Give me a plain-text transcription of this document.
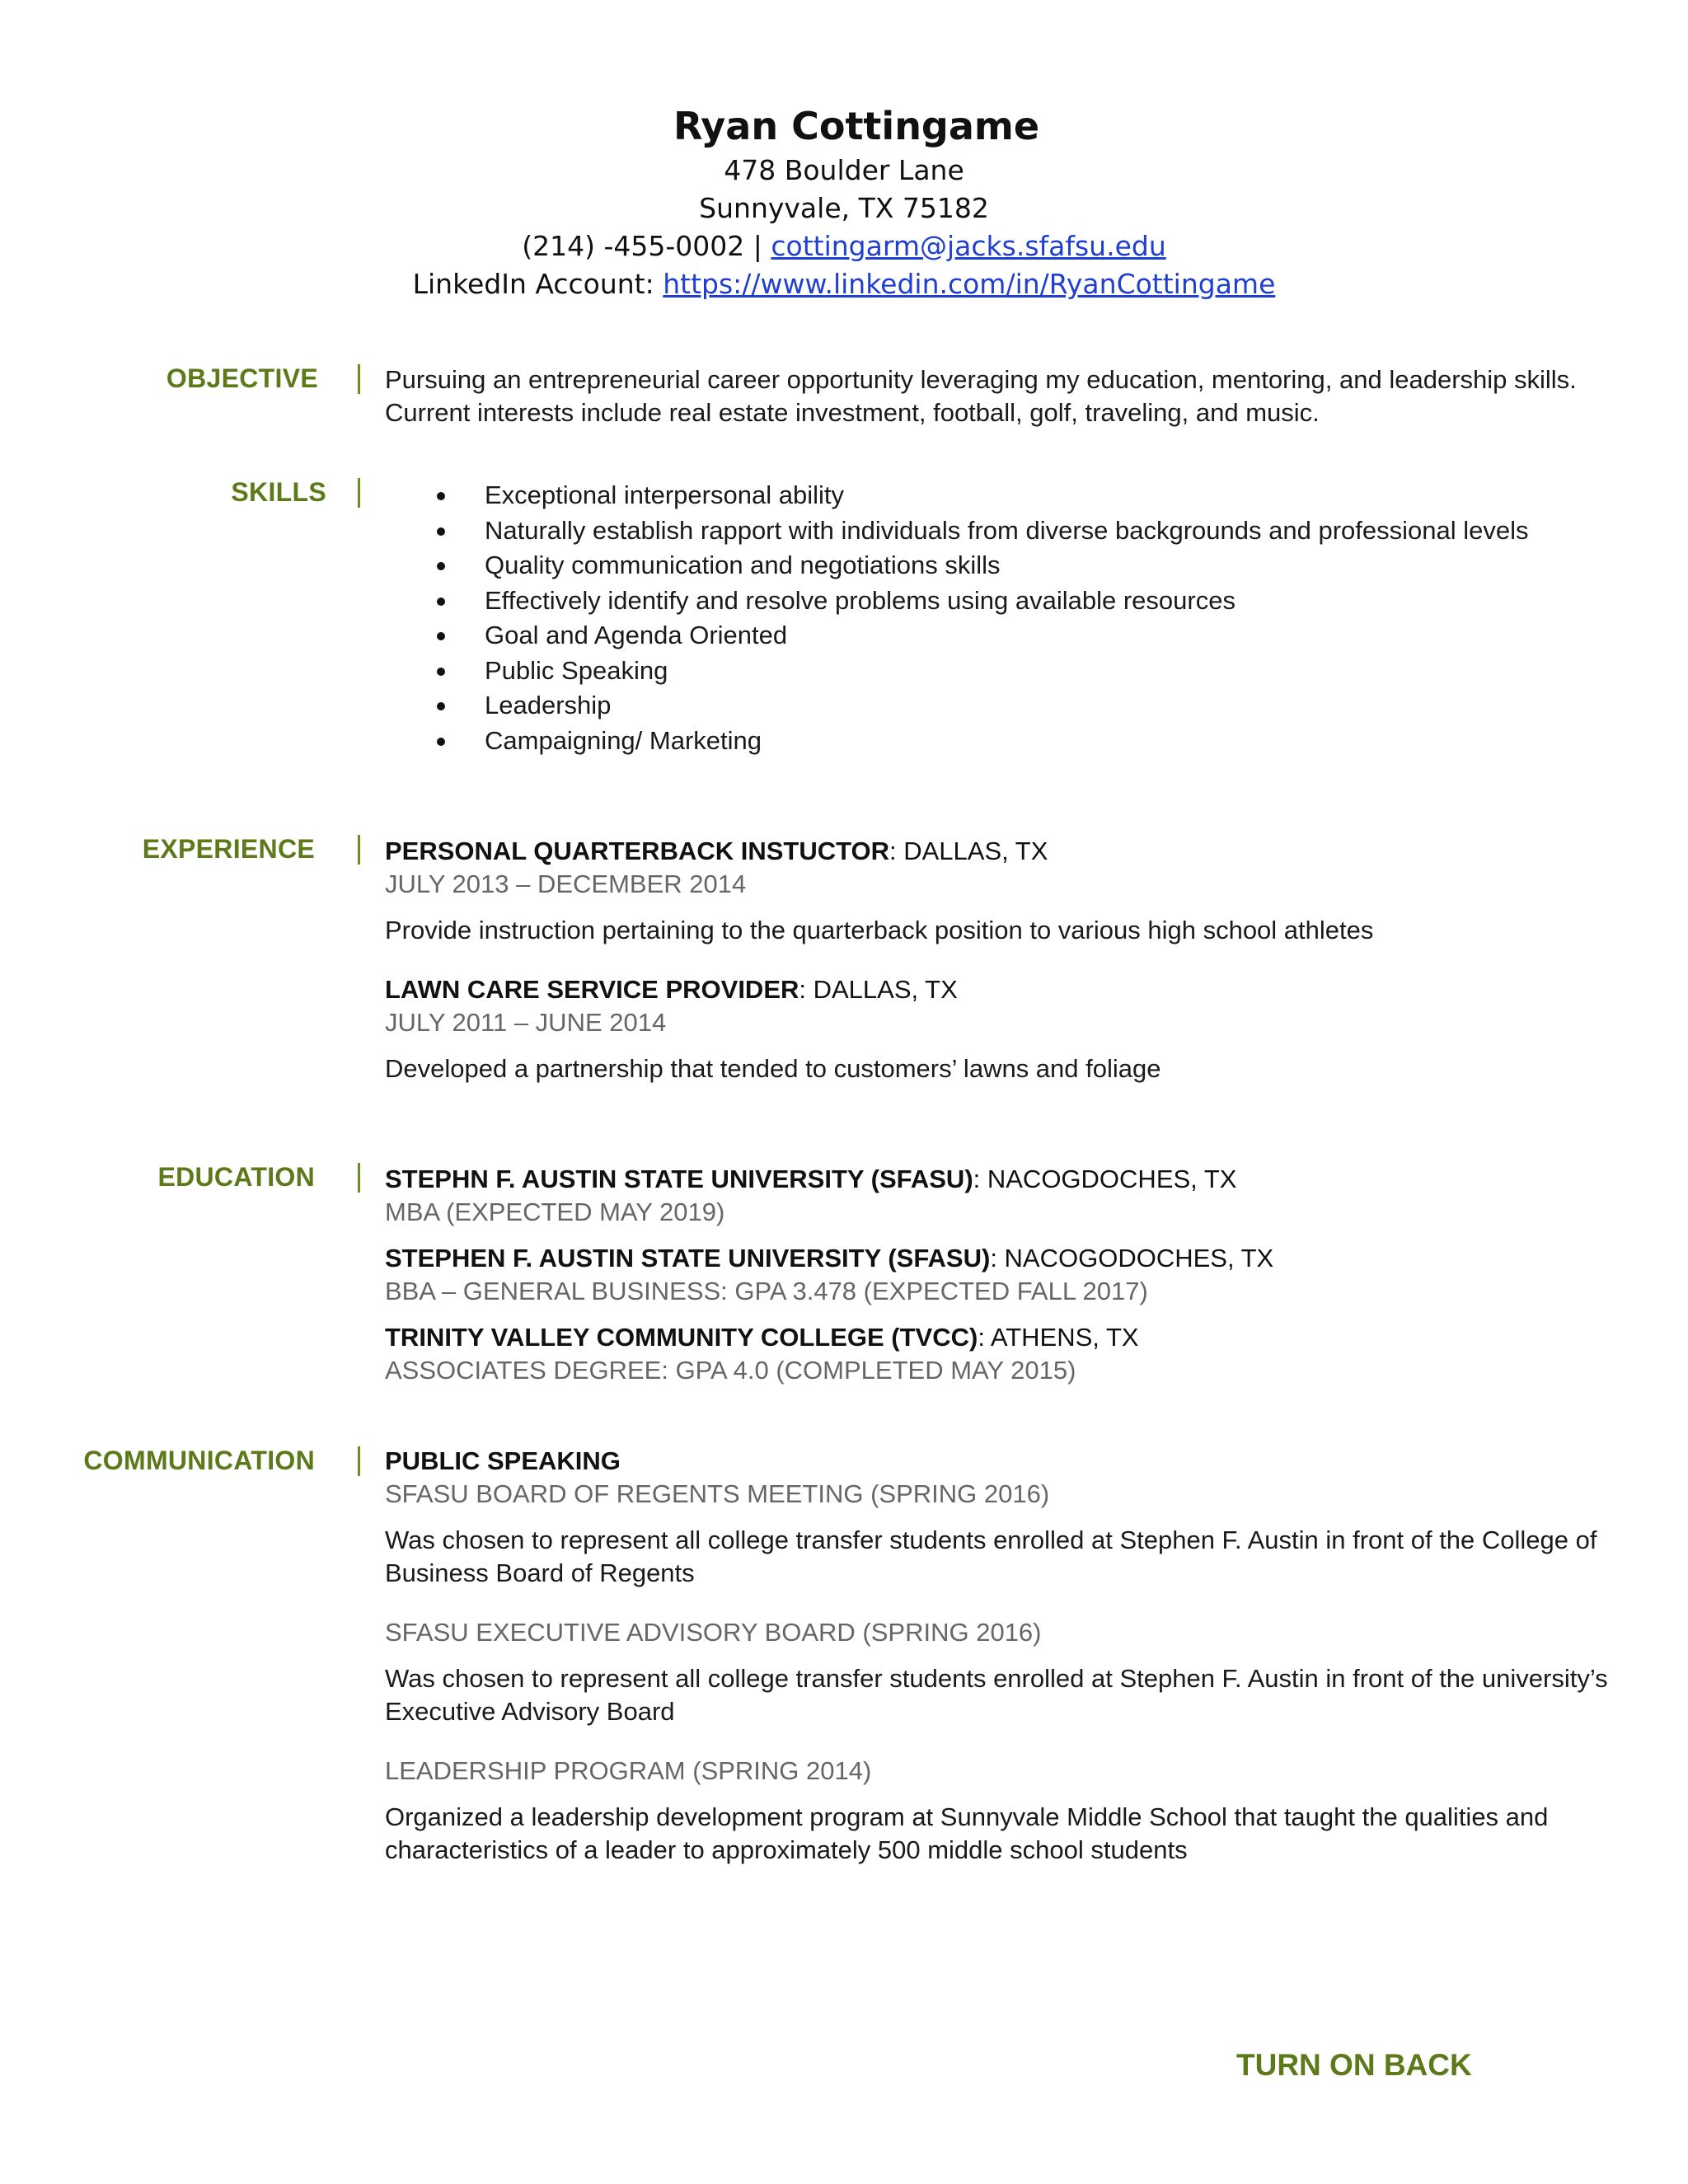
Ryan Cottingame
478 Boulder Lane
Sunnyvale, TX 75182
(214) -455-0002 | cottingarm@jacks.sfafsu.edu
LinkedIn Account: https://www.linkedin.com/in/RyanCottingame
OBJECTIVE	Pursuing an entrepreneurial career opportunity leveraging my education, mentoring, and leadership skills. Current interests include real estate investment, football, golf, traveling, and music.

SKILLS	Exceptional interpersonal ability
Naturally establish rapport with individuals from diverse backgrounds and professional levels
Quality communication and negotiations skills
Effectively identify and resolve problems using available resources
Goal and Agenda Oriented
Public Speaking
Leadership
Campaigning/ Marketing
EXPERIENCE	PERSONAL QUARTERBACK INSTUCTOR: DALLAS, TX
JULY 2013 – DECEMBER 2014
Provide instruction pertaining to the quarterback position to various high school athletes
LAWN CARE SERVICE PROVIDER: DALLAS, TX
JULY 2011 – JUNE 2014
Developed a partnership that tended to customers’ lawns and foliage
EDUCATION	STEPHN F. AUSTIN STATE UNIVERSITY (SFASU): NACOGDOCHES, TX
MBA (EXPECTED MAY 2019)
STEPHEN F. AUSTIN STATE UNIVERSITY (SFASU): NACOGODOCHES, TX
BBA – GENERAL BUSINESS: GPA 3.478 (EXPECTED FALL 2017)
TRINITY VALLEY COMMUNITY COLLEGE (TVCC): ATHENS, TX
ASSOCIATES DEGREE: GPA 4.0 (COMPLETED MAY 2015)
COMMUNICATION	PUBLIC SPEAKING
SFASU BOARD OF REGENTS MEETING (SPRING 2016)
Was chosen to represent all college transfer students enrolled at Stephen F. Austin in front of the College of Business Board of Regents
SFASU EXECUTIVE ADVISORY BOARD (SPRING 2016)
Was chosen to represent all college transfer students enrolled at Stephen F. Austin in front of the university’s Executive Advisory Board
LEADERSHIP PROGRAM (SPRING 2014)
Organized a leadership development program at Sunnyvale Middle School that taught the qualities and characteristics of a leader to approximately 500 middle school students
TURN ON BACK
